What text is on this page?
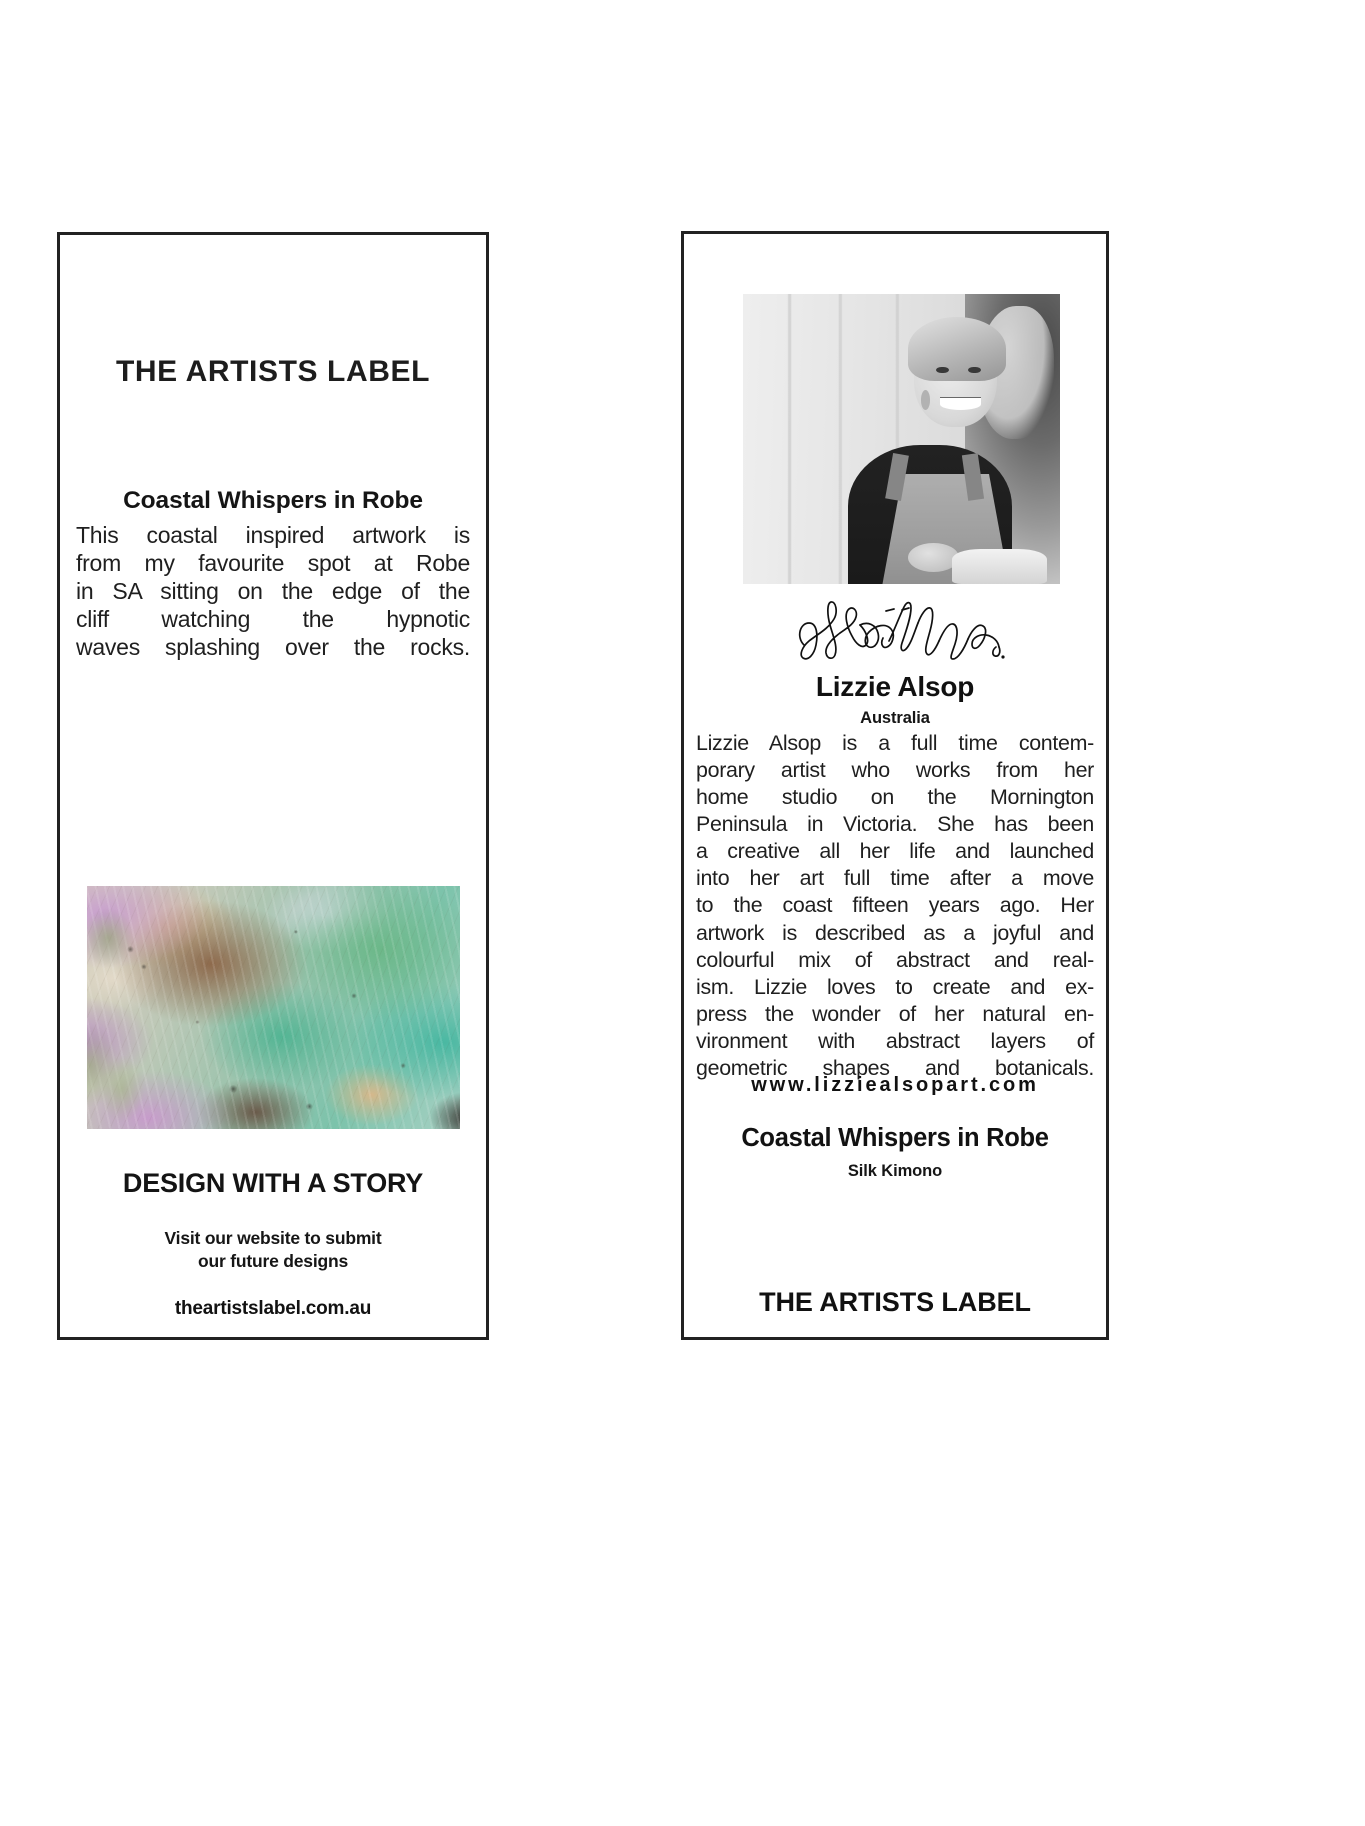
THE ARTISTS LABEL
Coastal Whispers in Robe
This coastal inspired artwork is
from my favourite spot at Robe
in SA sitting on the edge of the
cliff watching the hypnotic
waves splashing over the rocks.
DESIGN WITH A STORY
Visit our website to submit
our future designs
theartistslabel.com.au
Lizzie Alsop
Australia
Lizzie Alsop is a full time contem-
porary artist who works from her
home studio on the Mornington
Peninsula in Victoria. She has been
a creative all her life and launched
into her art full time after a move
to the coast fifteen years ago. Her
artwork is described as a joyful and
colourful mix of abstract and real-
ism. Lizzie loves to create and ex-
press the wonder of her natural en-
vironment with abstract layers of
geometric shapes and botanicals.
www.lizziealsopart.com
Coastal Whispers in Robe
Silk Kimono
THE ARTISTS LABEL
